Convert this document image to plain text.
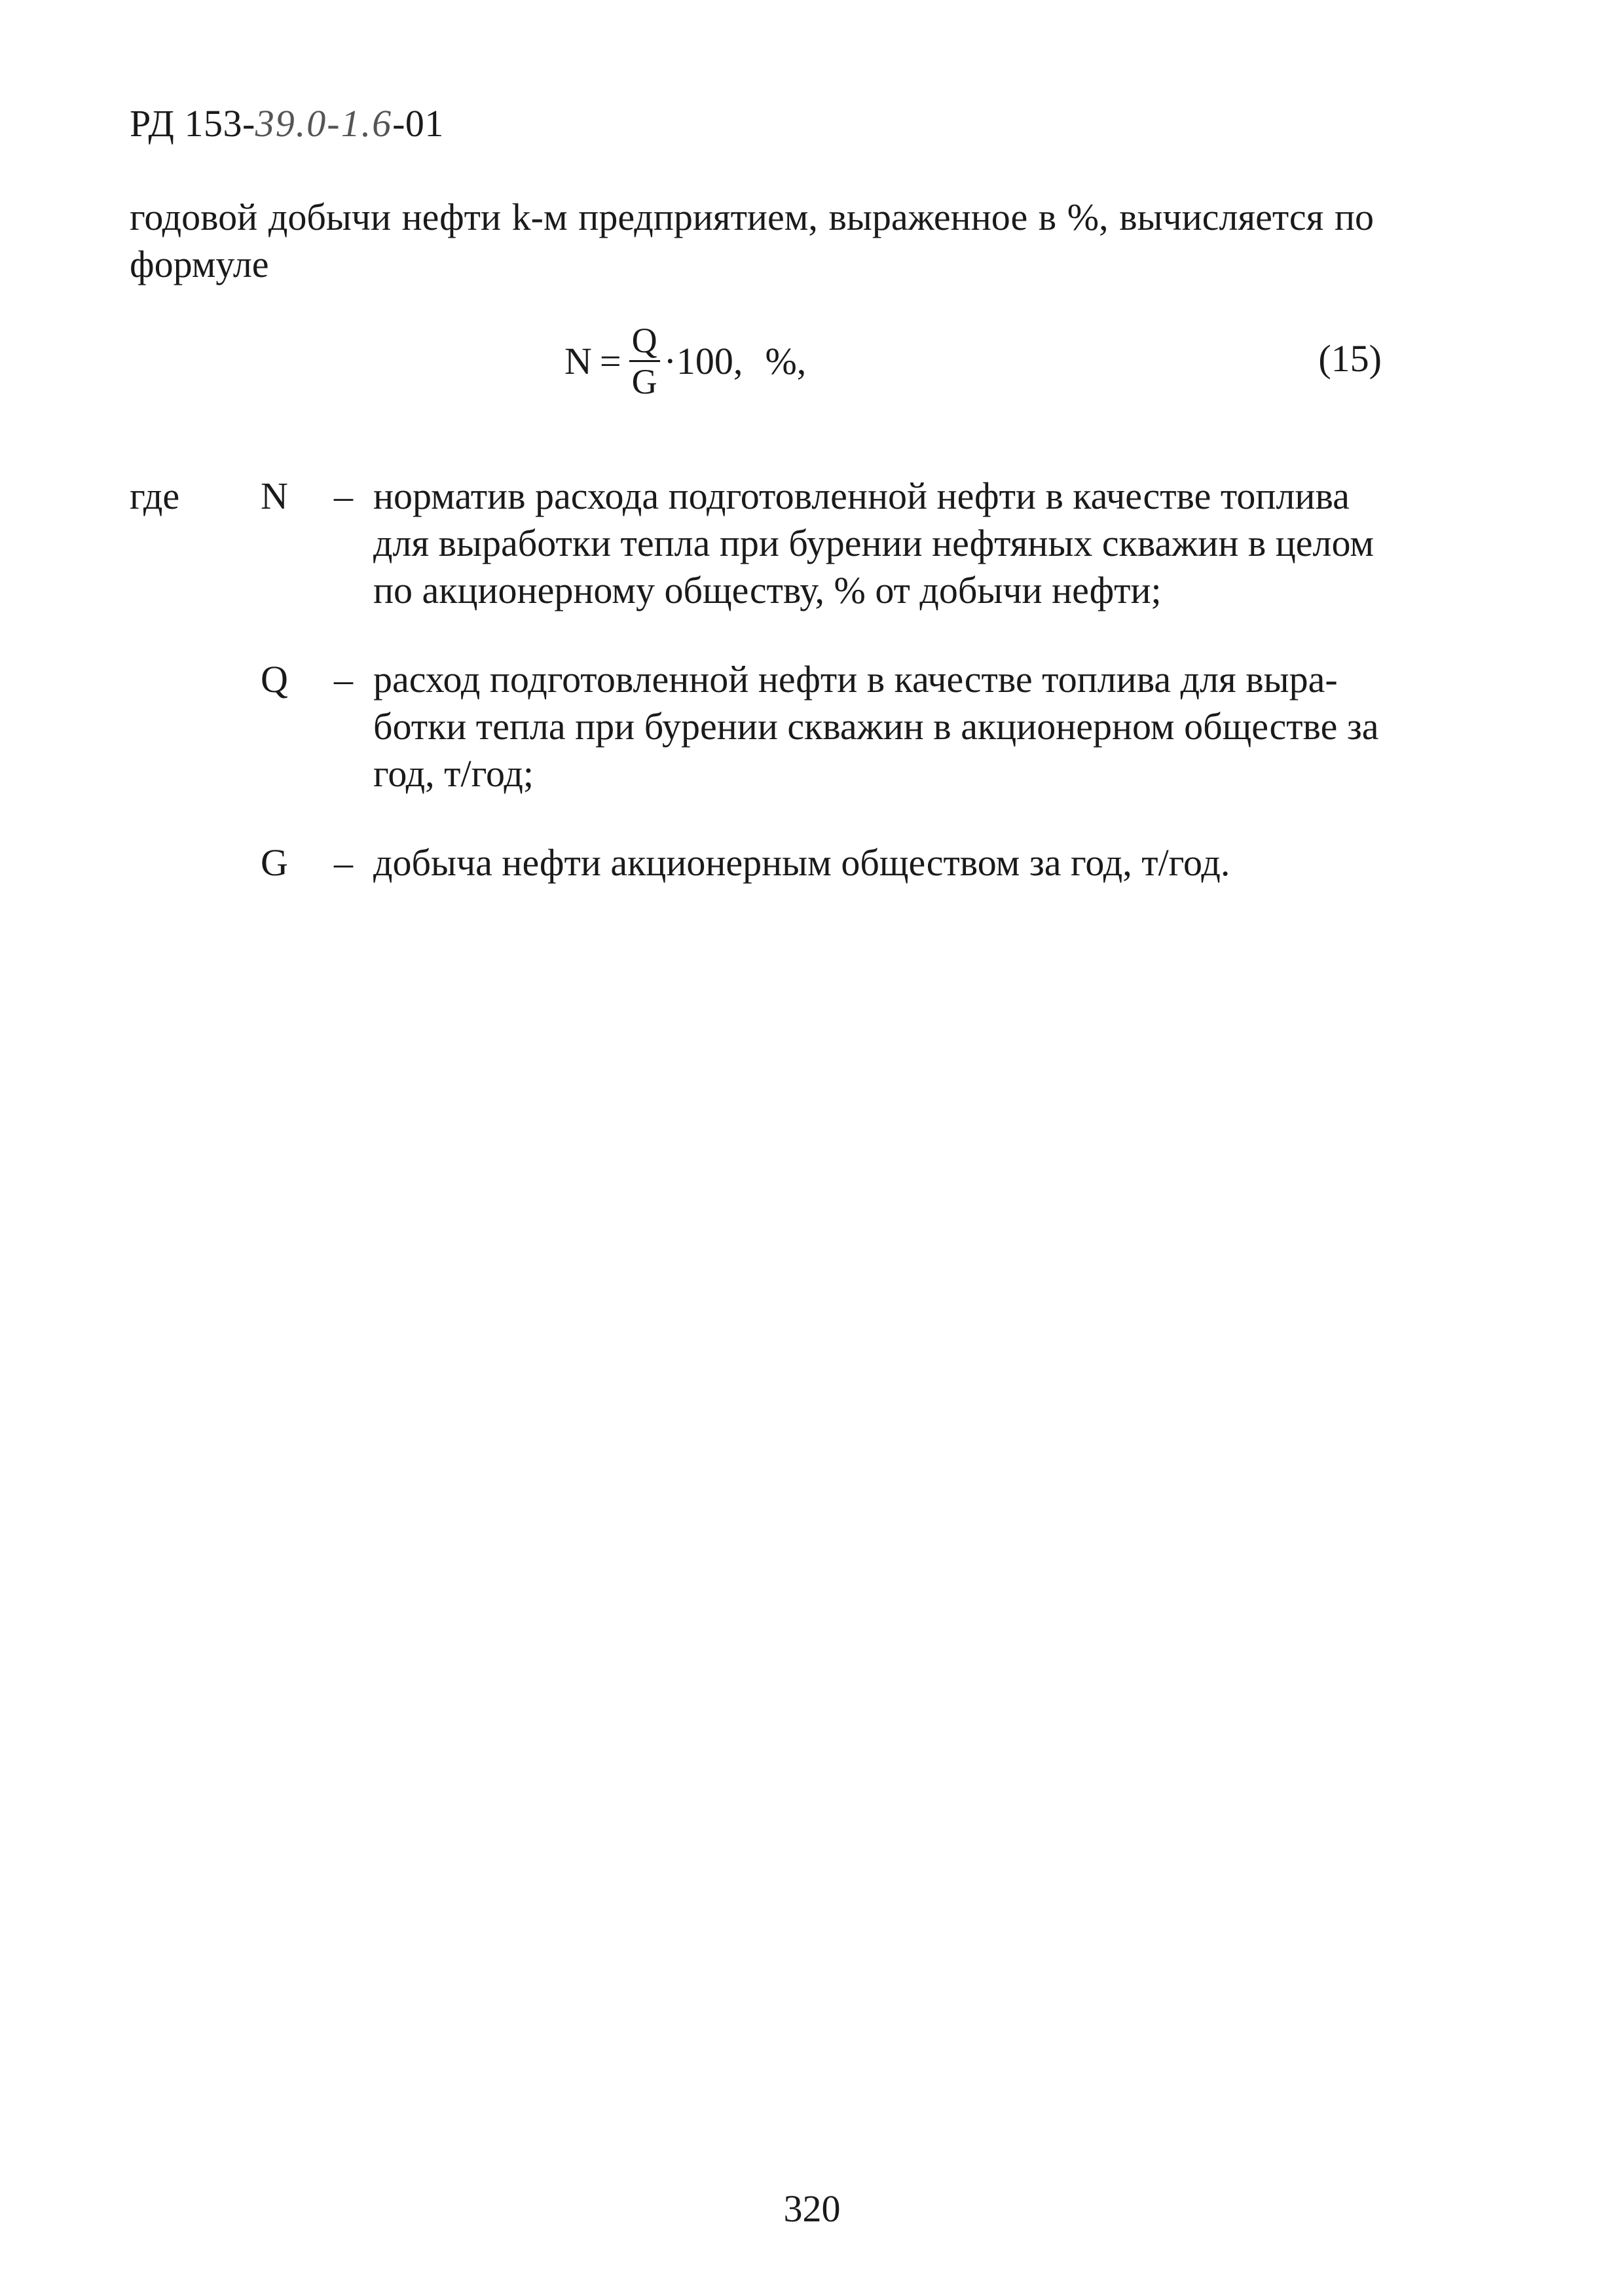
РД 153-39.0-1.6-01
годовой добычи нефти k-м предприятием, выраженное в %, вычисляется по
формуле
$N = \frac{Q}{G} \cdot 100$, %,	(15)
где	N	– норматив расхода подготовленной нефти в качестве топлива
для выработки тепла при бурении нефтяных скважин в целом
по акционерному обществу, % от добычи нефти;
Q	– расход подготовленной нефти в качестве топлива для выра-
ботки тепла при бурении скважин в акционерном обществе за
год, т/год;
G	– добыча нефти акционерным обществом за год, т/год.
320
